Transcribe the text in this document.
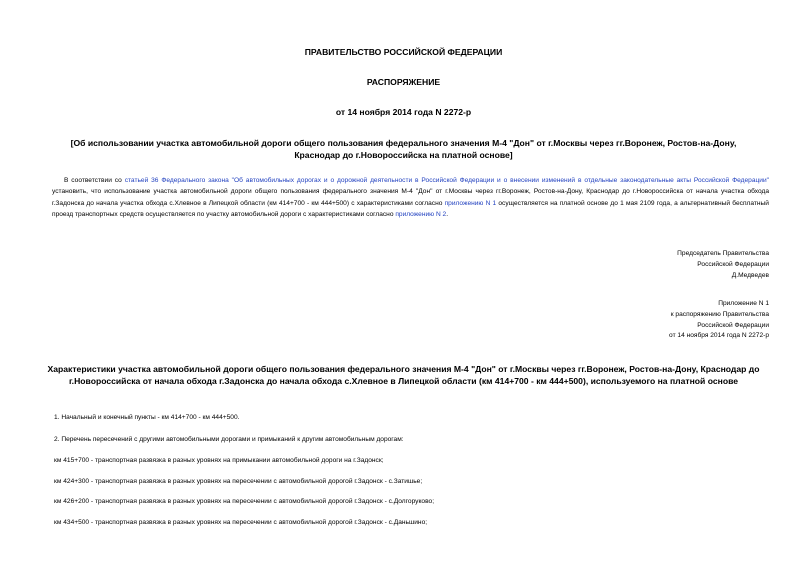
ПРАВИТЕЛЬСТВО РОССИЙСКОЙ ФЕДЕРАЦИИ
РАСПОРЯЖЕНИЕ
от 14 ноября 2014 года N 2272-р
[Об использовании участка автомобильной дороги общего пользования федерального значения М-4 "Дон" от г.Москвы через гг.Воронеж, Ростов-на-Дону, Краснодар до г.Новороссийска на платной основе]
В соответствии со статьей 36 Федерального закона "Об автомобильных дорогах и о дорожной деятельности в Российской Федерации и о внесении изменений в отдельные законодательные акты Российской Федерации" установить, что использование участка автомобильной дороги общего пользования федерального значения М-4 "Дон" от г.Москвы через гг.Воронеж, Ростов-на-Дону, Краснодар до г.Новороссийска от начала участка обхода г.Задонска до начала участка обхода с.Хлевное в Липецкой области (км 414+700 - км 444+500) с характеристиками согласно приложению N 1 осуществляется на платной основе до 1 мая 2109 года, а альтернативный бесплатный проезд транспортных средств осуществляется по участку автомобильной дороги с характеристиками согласно приложению N 2.
Председатель Правительства
Российской Федерации
Д.Медведев
Приложение N 1
к распоряжению Правительства
Российской Федерации
от 14 ноября 2014 года N 2272-р
Характеристики участка автомобильной дороги общего пользования федерального значения М-4 "Дон" от г.Москвы через гг.Воронеж, Ростов-на-Дону, Краснодар до г.Новороссийска от начала обхода г.Задонска до начала обхода с.Хлевное в Липецкой области (км 414+700 - км 444+500), используемого на платной основе
1. Начальный и конечный пункты - км 414+700 - км 444+500.
2. Перечень пересечений с другими автомобильными дорогами и примыканий к другим автомобильным дорогам:
км 415+700 - транспортная развязка в разных уровнях на примыкании автомобильной дороги на г.Задонск;
км 424+300 - транспортная развязка в разных уровнях на пересечении с автомобильной дорогой г.Задонск - с.Затишье;
км 426+200 - транспортная развязка в разных уровнях на пересечении с автомобильной дорогой г.Задонск - с.Долгоруково;
км 434+500 - транспортная развязка в разных уровнях на пересечении с автомобильной дорогой г.Задонск - с.Даньшино;
